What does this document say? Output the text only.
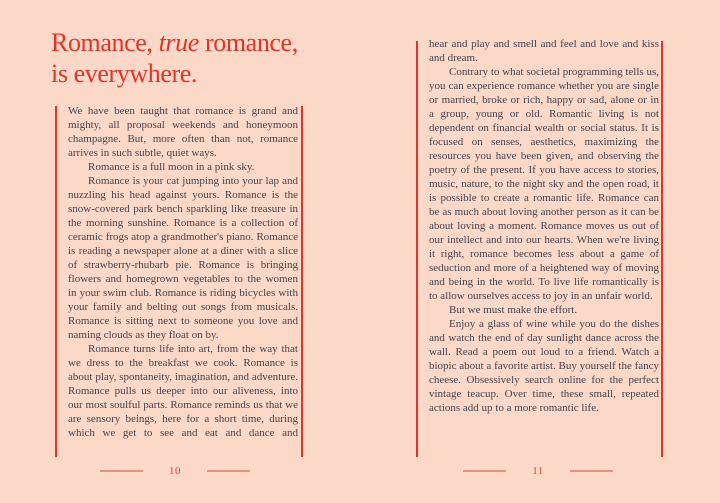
Romance, true romance,
is everywhere.

We have been taught that romance is grand and mighty, all proposal weekends and honeymoon champagne. But, more often than not, romance arrives in such subtle, quiet ways.

Romance is a full moon in a pink sky.

Romance is your cat jumping into your lap and nuzzling his head against yours. Romance is the snow-covered park bench sparkling like treasure in the morning sunshine. Romance is a collection of ceramic frogs atop a grandmother's piano. Romance is reading a newspaper alone at a diner with a slice of strawberry-rhubarb pie. Romance is bringing flowers and homegrown vegetables to the women in your swim club. Romance is riding bicycles with your family and belting out songs from musicals. Romance is sitting next to someone you love and naming clouds as they float on by.

Romance turns life into art, from the way that we dress to the breakfast we cook. Romance is about play, spontaneity, imagination, and adventure. Romance pulls us deeper into our aliveness, into our most soulful parts. Romance reminds us that we are sensory beings, here for a short time, during which we get to see and eat and dance and

hear and play and smell and feel and love and kiss and dream.

Contrary to what societal programming tells us, you can experience romance whether you are single or married, broke or rich, happy or sad, alone or in a group, young or old. Romantic living is not dependent on financial wealth or social status. It is focused on senses, aesthetics, maximizing the resources you have been given, and observing the poetry of the present. If you have access to stories, music, nature, to the night sky and the open road, it is possible to create a romantic life. Romance can be as much about loving another person as it can be about loving a moment. Romance moves us out of our intellect and into our hearts. When we're living it right, romance becomes less about a game of seduction and more of a heightened way of moving and being in the world. To live life romantically is to allow ourselves access to joy in an unfair world.

But we must make the effort.

Enjoy a glass of wine while you do the dishes and watch the end of day sunlight dance across the wall. Read a poem out loud to a friend. Watch a biopic about a favorite artist. Buy yourself the fancy cheese. Obsessively search online for the perfect vintage teacup. Over time, these small, repeated actions add up to a more romantic life.

10	11
